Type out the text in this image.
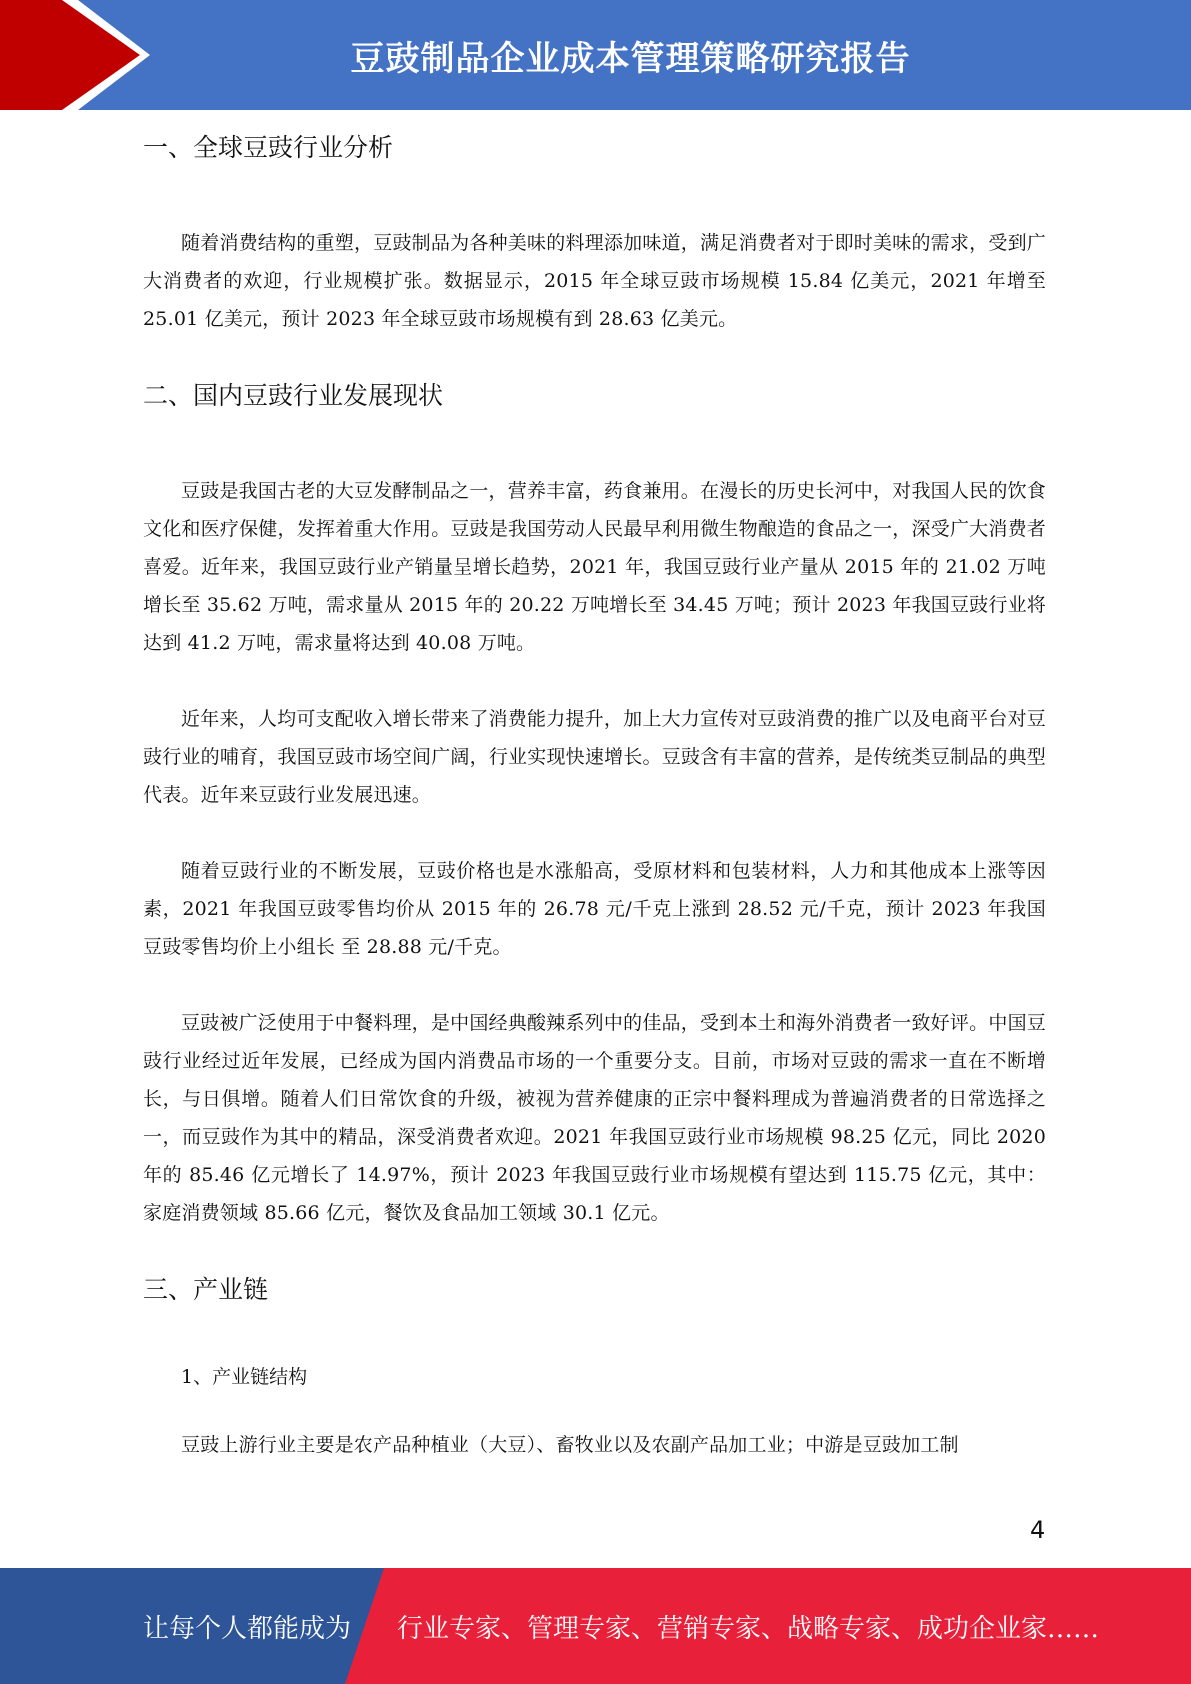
豆豉制品企业成本管理策略研究报告
一、全球豆豉行业分析

随着消费结构的重塑，豆豉制品为各种美味的料理添加味道，满足消费者对于即时美味的需求，受到广大消费者的欢迎，行业规模扩张。数据显示，2015 年全球豆豉市场规模 15.84 亿美元，2021 年增至 25.01 亿美元，预计 2023 年全球豆豉市场规模有到 28.63 亿美元。

二、国内豆豉行业发展现状

豆豉是我国古老的大豆发酵制品之一，营养丰富，药食兼用。在漫长的历史长河中，对我国人民的饮食文化和医疗保健，发挥着重大作用。豆豉是我国劳动人民最早利用微生物酿造的食品之一，深受广大消费者喜爱。近年来，我国豆豉行业产销量呈增长趋势，2021 年，我国豆豉行业产量从 2015 年的 21.02 万吨增长至 35.62 万吨，需求量从 2015 年的 20.22 万吨增长至 34.45 万吨；预计 2023 年我国豆豉行业将达到 41.2 万吨，需求量将达到 40.08 万吨。

近年来，人均可支配收入增长带来了消费能力提升，加上大力宣传对豆豉消费的推广以及电商平台对豆豉行业的哺育，我国豆豉市场空间广阔，行业实现快速增长。豆豉含有丰富的营养，是传统类豆制品的典型代表。近年来豆豉行业发展迅速。

随着豆豉行业的不断发展，豆豉价格也是水涨船高，受原材料和包装材料，人力和其他成本上涨等因素，2021 年我国豆豉零售均价从 2015 年的 26.78 元/千克上涨到 28.52 元/千克，预计 2023 年我国豆豉零售均价上小组长 至 28.88 元/千克。

豆豉被广泛使用于中餐料理，是中国经典酸辣系列中的佳品，受到本土和海外消费者一致好评。中国豆豉行业经过近年发展，已经成为国内消费品市场的一个重要分支。目前，市场对豆豉的需求一直在不断增长，与日俱增。随着人们日常饮食的升级，被视为营养健康的正宗中餐料理成为普遍消费者的日常选择之一，而豆豉作为其中的精品，深受消费者欢迎。2021 年我国豆豉行业市场规模 98.25 亿元，同比 2020 年的 85.46 亿元增长了 14.97%，预计 2023 年我国豆豉行业市场规模有望达到 115.75 亿元，其中：家庭消费领域 85.66 亿元，餐饮及食品加工领域 30.1 亿元。

三、产业链

1、产业链结构

豆豉上游行业主要是农产品种植业（大豆）、畜牧业以及农副产品加工业；中游是豆豉加工制

4
让每个人都能成为 行业专家、管理专家、营销专家、战略专家、成功企业家……
